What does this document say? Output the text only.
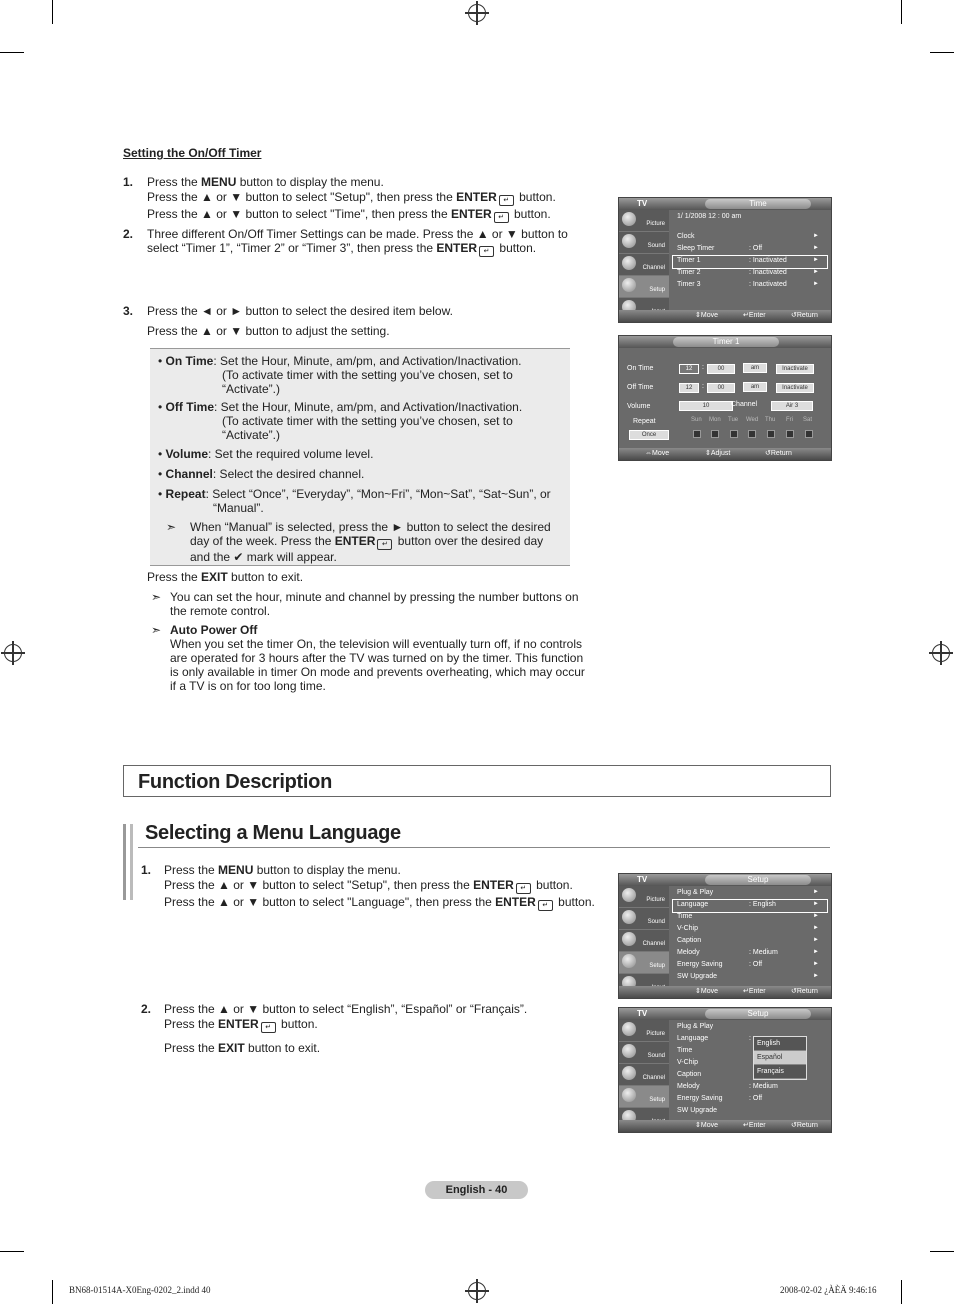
Setting the On/Off Timer
1. Press the MENU button to display the menu.
Press the ▲ or ▼ button to select "Setup", then press the ENTER ↵ button.
Press the ▲ or ▼ button to select "Time", then press the ENTER ↵ button.
2. Three different On/Off Timer Settings can be made. Press the ▲ or ▼ button to
select “Timer 1”, “Timer 2” or “Timer 3”, then press the ENTER ↵ button.
3. Press the ◄ or ► button to select the desired item below.
Press the ▲ or ▼ button to adjust the setting.
• On Time: Set the Hour, Minute, am/pm, and Activation/Inactivation.
(To activate timer with the setting you’ve chosen, set to
“Activate”.)
• Off Time: Set the Hour, Minute, am/pm, and Activation/Inactivation.
(To activate timer with the setting you’ve chosen, set to
“Activate”.)
• Volume: Set the required volume level.
• Channel: Select the desired channel.
• Repeat: Select “Once”, “Everyday”, “Mon~Fri”, “Mon~Sat”, “Sat~Sun”, or
“Manual”.
➣ When “Manual” is selected, press the ► button to select the desired
day of the week. Press the ENTER ↵ button over the desired day
and the ✔ mark will appear.
Press the EXIT button to exit.
➣ You can set the hour, minute and channel by pressing the number buttons on
the remote control.
➣ Auto Power Off
When you set the timer On, the television will eventually turn off, if no controls
are operated for 3 hours after the TV was turned on by the timer. This function
is only available in timer On mode and prevents overheating, which may occur
if a TV is on for too long time.
TV	Time
Picture
Sound
Channel
Setup
1/ 1/2008 12 : 00 am
Clock	►
Sleep Timer	: Off	►
Timer 1	: Inactivated	►
Timer 2	: Inactivated	►
Timer 3	: Inactivated	►
⇕ Move	↵ Enter	↺ Return
Timer 1
On Time
Off Time
Volume
Repeat
12	:	00	am	Inactivate
12	:	00	am	Inactivate
10	Channel	Air 3
Once
Sun Mon Tue Wed Thu Fri Sat
⇔ Move	⇕ Adjust	↺ Return
Function Description
Selecting a Menu Language
1. Press the MENU button to display the menu.
Press the ▲ or ▼ button to select "Setup", then press the ENTER ↵ button.
Press the ▲ or ▼ button to select "Language", then press the ENTER ↵ button.
2. Press the ▲ or ▼ button to select “English”, “Español” or “Français”.
Press the ENTER ↵ button.
Press the EXIT button to exit.
TV	Setup
Picture
Sound
Channel
Setup
Plug & Play	►
Language	: English	►
Time	►
V-Chip	►
Caption	►
Melody	: Medium	►
Energy Saving	: Off	►
SW Upgrade	►
⇕ Move	↵ Enter	↺ Return
TV	Setup
Picture
Sound
Channel
Setup
Plug & Play
Language	:
Time
V-Chip
Caption
Melody	: Medium
Energy Saving	: Off
SW Upgrade
English
Español
Français
⇕ Move	↵ Enter	↺ Return
English - 40
BN68-01514A-X0Eng-0202_2.indd 40	2008-02-02 ¿ÀÈÄ 9:46:16
